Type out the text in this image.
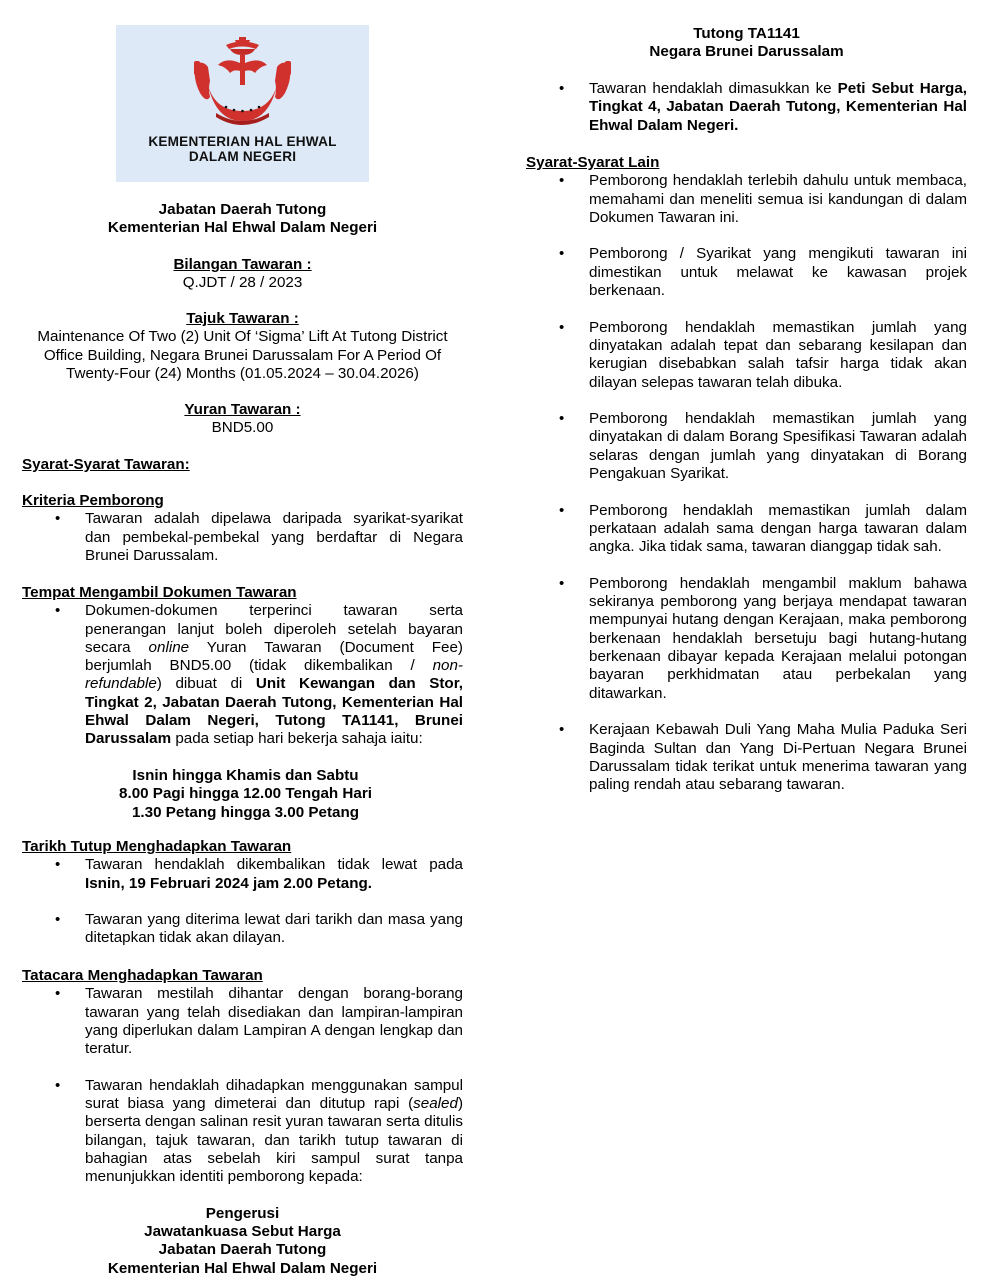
KEMENTERIAN HAL EHWAL
DALAM NEGERI
Jabatan Daerah Tutong
Kementerian Hal Ehwal Dalam Negeri
Bilangan Tawaran :
Q.JDT / 28 / 2023
Tajuk Tawaran :
Maintenance Of Two (2) Unit Of ‘Sigma’ Lift At Tutong District Office Building, Negara Brunei Darussalam For A Period Of Twenty-Four (24) Months (01.05.2024 – 30.04.2026)
Yuran Tawaran :
BND5.00
Syarat-Syarat Tawaran:
Kriteria Pemborong
• Tawaran adalah dipelawa daripada syarikat-syarikat dan pembekal-pembekal yang berdaftar di Negara Brunei Darussalam.
Tempat Mengambil Dokumen Tawaran
• Dokumen-dokumen terperinci tawaran serta penerangan lanjut boleh diperoleh setelah bayaran secara online Yuran Tawaran (Document Fee) berjumlah BND5.00 (tidak dikembalikan / non-refundable) dibuat di Unit Kewangan dan Stor, Tingkat 2, Jabatan Daerah Tutong, Kementerian Hal Ehwal Dalam Negeri, Tutong TA1141, Brunei Darussalam pada setiap hari bekerja sahaja iaitu:
Isnin hingga Khamis dan Sabtu
8.00 Pagi hingga 12.00 Tengah Hari
1.30 Petang hingga 3.00 Petang
Tarikh Tutup Menghadapkan Tawaran
• Tawaran hendaklah dikembalikan tidak lewat pada Isnin, 19 Februari 2024 jam 2.00 Petang.
• Tawaran yang diterima lewat dari tarikh dan masa yang ditetapkan tidak akan dilayan.
Tatacara Menghadapkan Tawaran
• Tawaran mestilah dihantar dengan borang-borang tawaran yang telah disediakan dan lampiran-lampiran yang diperlukan dalam Lampiran A dengan lengkap dan teratur.
• Tawaran hendaklah dihadapkan menggunakan sampul surat biasa yang dimeterai dan ditutup rapi (sealed) berserta dengan salinan resit yuran tawaran serta ditulis bilangan, tajuk tawaran, dan tarikh tutup tawaran di bahagian atas sebelah kiri sampul surat tanpa menunjukkan identiti pemborong kepada:
Pengerusi
Jawatankuasa Sebut Harga
Jabatan Daerah Tutong
Kementerian Hal Ehwal Dalam Negeri
Tutong TA1141
Negara Brunei Darussalam
• Tawaran hendaklah dimasukkan ke Peti Sebut Harga, Tingkat 4, Jabatan Daerah Tutong, Kementerian Hal Ehwal Dalam Negeri.
Syarat-Syarat Lain
• Pemborong hendaklah terlebih dahulu untuk membaca, memahami dan meneliti semua isi kandungan di dalam Dokumen Tawaran ini.
• Pemborong / Syarikat yang mengikuti tawaran ini dimestikan untuk melawat ke kawasan projek berkenaan.
• Pemborong hendaklah memastikan jumlah yang dinyatakan adalah tepat dan sebarang kesilapan dan kerugian disebabkan salah tafsir harga tidak akan dilayan selepas tawaran telah dibuka.
• Pemborong hendaklah memastikan jumlah yang dinyatakan di dalam Borang Spesifikasi Tawaran adalah selaras dengan jumlah yang dinyatakan di Borang Pengakuan Syarikat.
• Pemborong hendaklah memastikan jumlah dalam perkataan adalah sama dengan harga tawaran dalam angka. Jika tidak sama, tawaran dianggap tidak sah.
• Pemborong hendaklah mengambil maklum bahawa sekiranya pemborong yang berjaya mendapat tawaran mempunyai hutang dengan Kerajaan, maka pemborong berkenaan hendaklah bersetuju bagi hutang-hutang berkenaan dibayar kepada Kerajaan melalui potongan bayaran perkhidmatan atau perbekalan yang ditawarkan.
• Kerajaan Kebawah Duli Yang Maha Mulia Paduka Seri Baginda Sultan dan Yang Di-Pertuan Negara Brunei Darussalam tidak terikat untuk menerima tawaran yang paling rendah atau sebarang tawaran.
